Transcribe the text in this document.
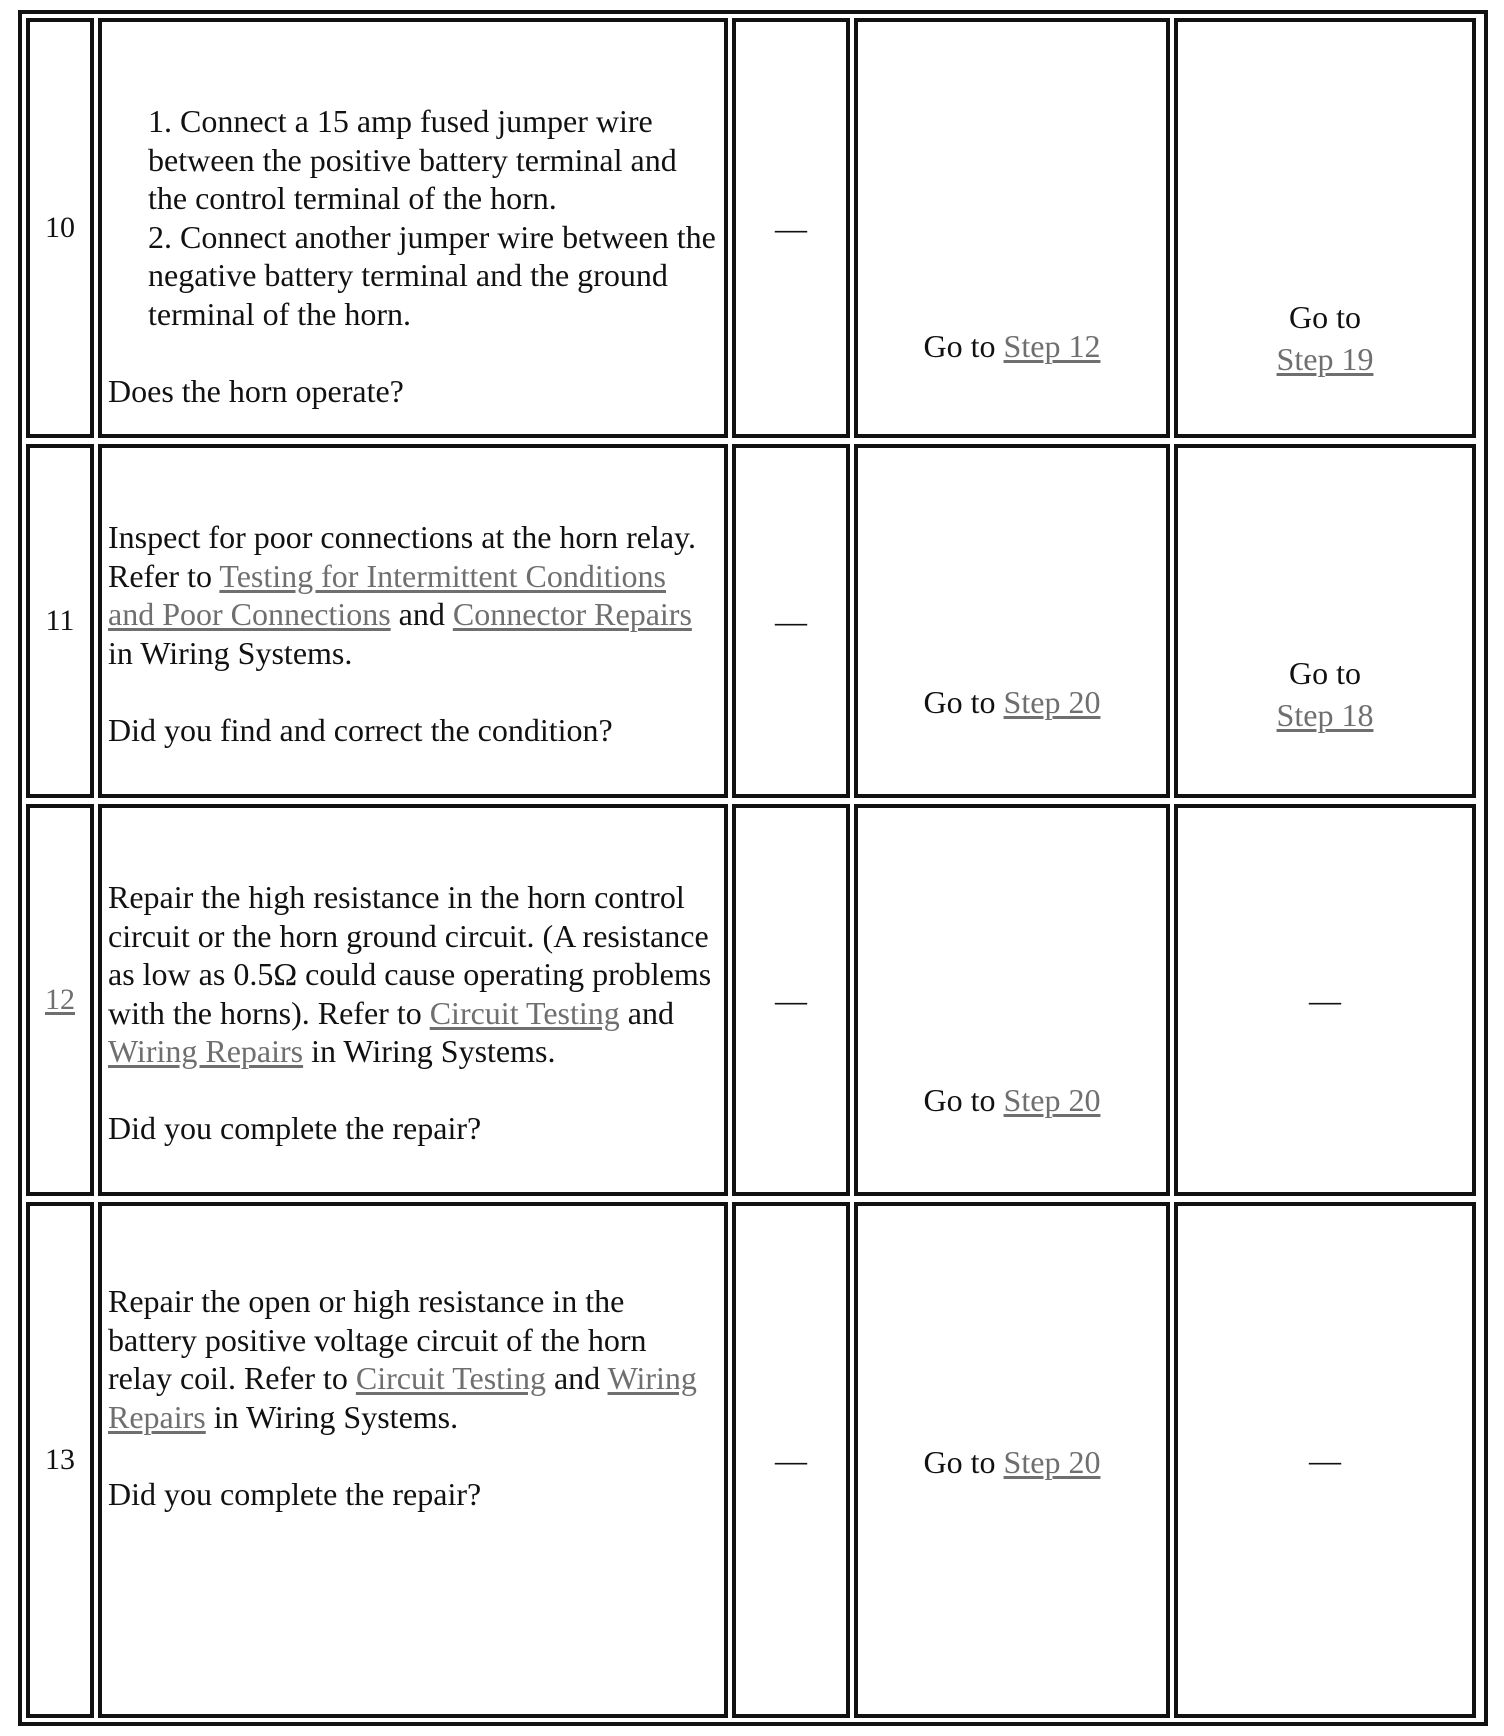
10

1. Connect a 15 amp fused jumper wire between the positive battery terminal and the control terminal of the horn.

2. Connect another jumper wire between the negative battery terminal and the ground terminal of the horn.

Does the horn operate?

—
Go to Step 12
Go to
Step 19
11

Inspect for poor connections at the horn relay. Refer to Testing for Intermittent Conditions and Poor Connections and Connector Repairs in Wiring Systems.

Did you find and correct the condition?

—
Go to Step 20
Go to
Step 18
12

Repair the high resistance in the horn control circuit or the horn ground circuit. (A resistance as low as 0.5Ω could cause operating problems with the horns). Refer to Circuit Testing and Wiring Repairs in Wiring Systems.

Did you complete the repair?

—
Go to Step 20
—
13

Repair the open or high resistance in the battery positive voltage circuit of the horn relay coil. Refer to Circuit Testing and Wiring Repairs in Wiring Systems.

Did you complete the repair?

—	Go to Step 20	—
